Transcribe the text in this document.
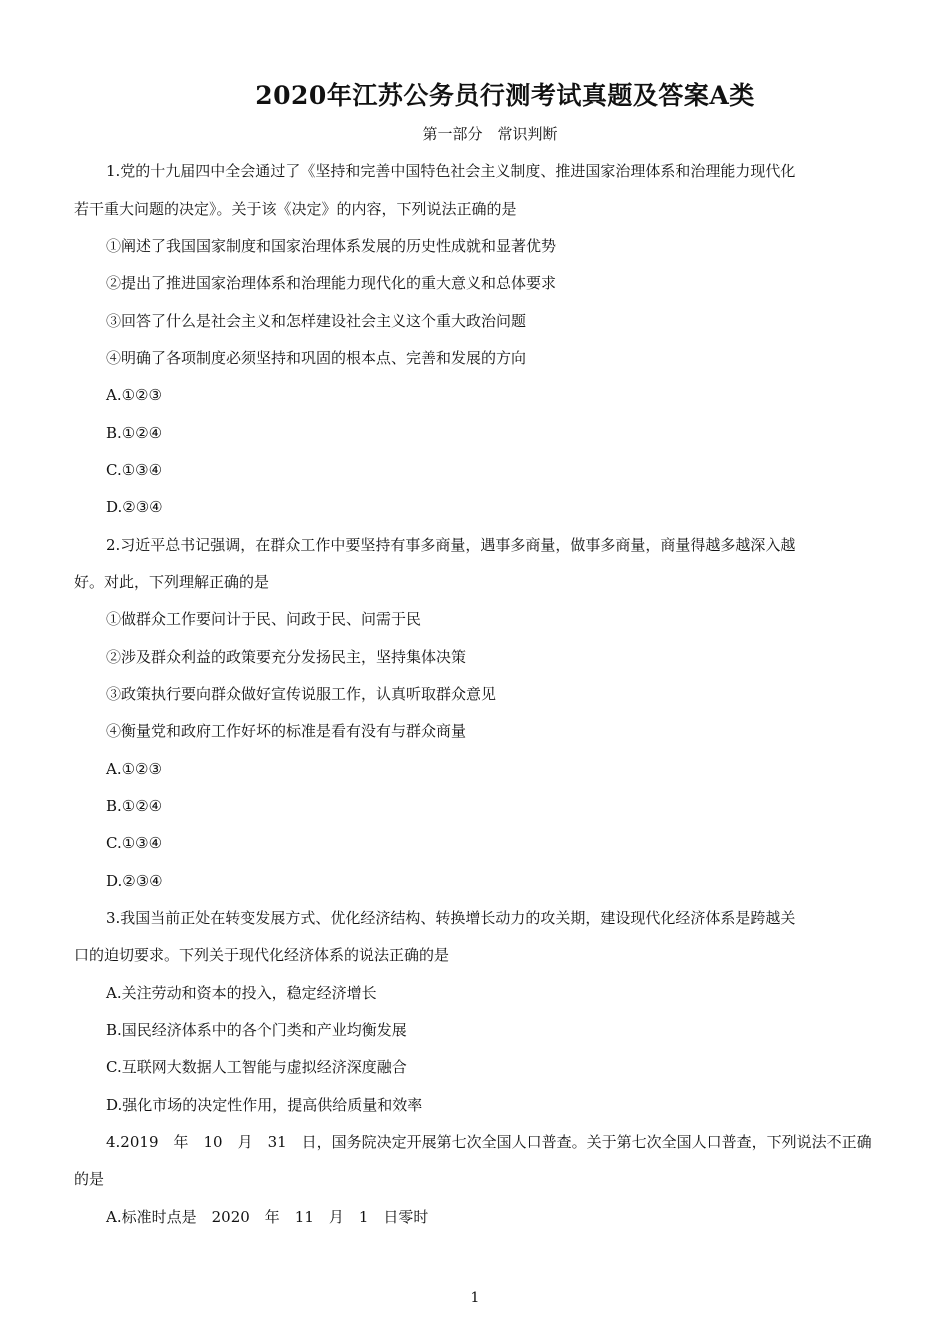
2020年江苏公务员行测考试真题及答案A类
第一部分　常识判断
1.党的十九届四中全会通过了《坚持和完善中国特色社会主义制度、推进国家治理体系和治理能力现代化
若干重大问题的决定》。关于该《决定》的内容，下列说法正确的是
①阐述了我国国家制度和国家治理体系发展的历史性成就和显著优势
②提出了推进国家治理体系和治理能力现代化的重大意义和总体要求
③回答了什么是社会主义和怎样建设社会主义这个重大政治问题
④明确了各项制度必须坚持和巩固的根本点、完善和发展的方向
A.①②③
B.①②④
C.①③④
D.②③④
2.习近平总书记强调，在群众工作中要坚持有事多商量，遇事多商量，做事多商量，商量得越多越深入越
好。对此，下列理解正确的是
①做群众工作要问计于民、问政于民、问需于民
②涉及群众利益的政策要充分发扬民主，坚持集体决策
③政策执行要向群众做好宣传说服工作，认真听取群众意见
④衡量党和政府工作好坏的标准是看有没有与群众商量
A.①②③
B.①②④
C.①③④
D.②③④
3.我国当前正处在转变发展方式、优化经济结构、转换增长动力的攻关期，建设现代化经济体系是跨越关
口的迫切要求。下列关于现代化经济体系的说法正确的是
A.关注劳动和资本的投入，稳定经济增长
B.国民经济体系中的各个门类和产业均衡发展
C.互联网大数据人工智能与虚拟经济深度融合
D.强化市场的决定性作用，提高供给质量和效率
4.2019　年　10　月　31　日，国务院决定开展第七次全国人口普查。关于第七次全国人口普查，下列说法不正确
的是
A.标准时点是　2020　年　11　月　1　日零时
1
